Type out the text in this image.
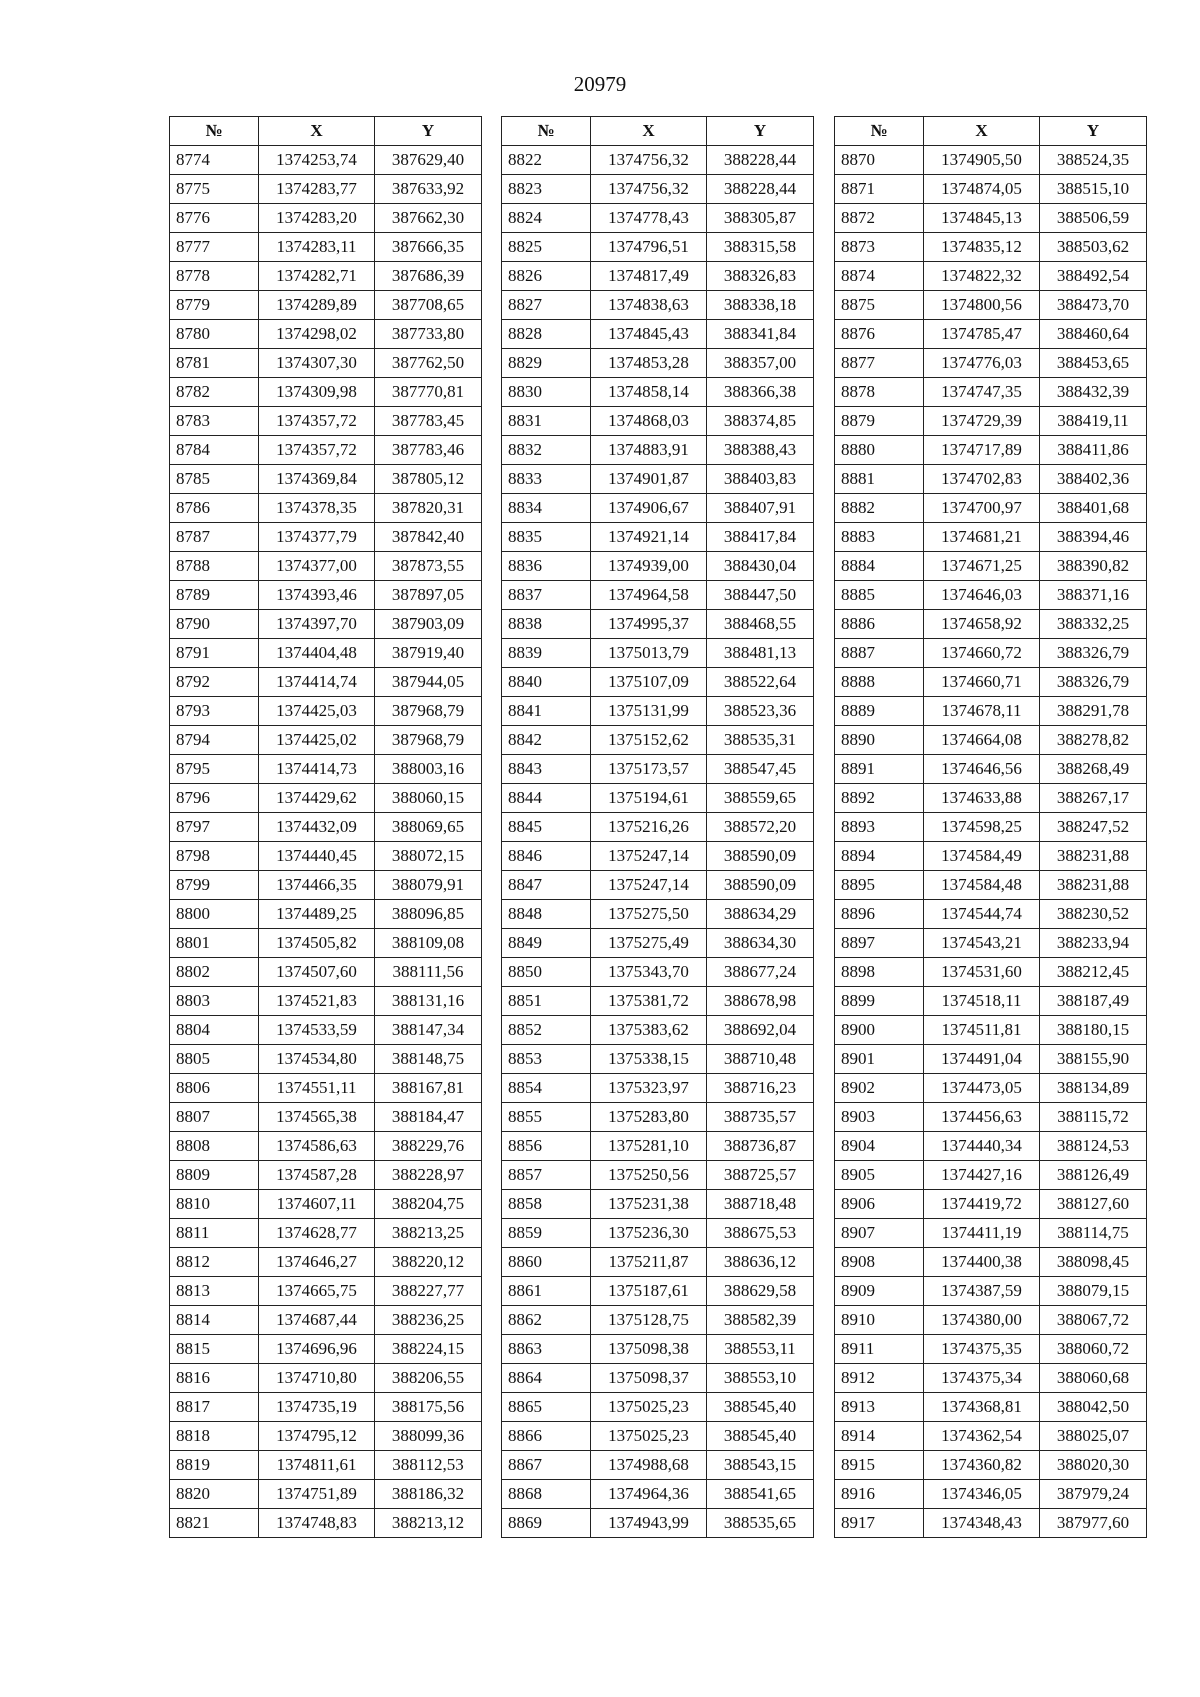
20979
№	X	Y
8774	1374253,74	387629,40
8775	1374283,77	387633,92
8776	1374283,20	387662,30
8777	1374283,11	387666,35
8778	1374282,71	387686,39
8779	1374289,89	387708,65
8780	1374298,02	387733,80
8781	1374307,30	387762,50
8782	1374309,98	387770,81
8783	1374357,72	387783,45
8784	1374357,72	387783,46
8785	1374369,84	387805,12
8786	1374378,35	387820,31
8787	1374377,79	387842,40
8788	1374377,00	387873,55
8789	1374393,46	387897,05
8790	1374397,70	387903,09
8791	1374404,48	387919,40
8792	1374414,74	387944,05
8793	1374425,03	387968,79
8794	1374425,02	387968,79
8795	1374414,73	388003,16
8796	1374429,62	388060,15
8797	1374432,09	388069,65
8798	1374440,45	388072,15
8799	1374466,35	388079,91
8800	1374489,25	388096,85
8801	1374505,82	388109,08
8802	1374507,60	388111,56
8803	1374521,83	388131,16
8804	1374533,59	388147,34
8805	1374534,80	388148,75
8806	1374551,11	388167,81
8807	1374565,38	388184,47
8808	1374586,63	388229,76
8809	1374587,28	388228,97
8810	1374607,11	388204,75
8811	1374628,77	388213,25
8812	1374646,27	388220,12
8813	1374665,75	388227,77
8814	1374687,44	388236,25
8815	1374696,96	388224,15
8816	1374710,80	388206,55
8817	1374735,19	388175,56
8818	1374795,12	388099,36
8819	1374811,61	388112,53
8820	1374751,89	388186,32
8821	1374748,83	388213,12
№	X	Y
8822	1374756,32	388228,44
8823	1374756,32	388228,44
8824	1374778,43	388305,87
8825	1374796,51	388315,58
8826	1374817,49	388326,83
8827	1374838,63	388338,18
8828	1374845,43	388341,84
8829	1374853,28	388357,00
8830	1374858,14	388366,38
8831	1374868,03	388374,85
8832	1374883,91	388388,43
8833	1374901,87	388403,83
8834	1374906,67	388407,91
8835	1374921,14	388417,84
8836	1374939,00	388430,04
8837	1374964,58	388447,50
8838	1374995,37	388468,55
8839	1375013,79	388481,13
8840	1375107,09	388522,64
8841	1375131,99	388523,36
8842	1375152,62	388535,31
8843	1375173,57	388547,45
8844	1375194,61	388559,65
8845	1375216,26	388572,20
8846	1375247,14	388590,09
8847	1375247,14	388590,09
8848	1375275,50	388634,29
8849	1375275,49	388634,30
8850	1375343,70	388677,24
8851	1375381,72	388678,98
8852	1375383,62	388692,04
8853	1375338,15	388710,48
8854	1375323,97	388716,23
8855	1375283,80	388735,57
8856	1375281,10	388736,87
8857	1375250,56	388725,57
8858	1375231,38	388718,48
8859	1375236,30	388675,53
8860	1375211,87	388636,12
8861	1375187,61	388629,58
8862	1375128,75	388582,39
8863	1375098,38	388553,11
8864	1375098,37	388553,10
8865	1375025,23	388545,40
8866	1375025,23	388545,40
8867	1374988,68	388543,15
8868	1374964,36	388541,65
8869	1374943,99	388535,65
№	X	Y
8870	1374905,50	388524,35
8871	1374874,05	388515,10
8872	1374845,13	388506,59
8873	1374835,12	388503,62
8874	1374822,32	388492,54
8875	1374800,56	388473,70
8876	1374785,47	388460,64
8877	1374776,03	388453,65
8878	1374747,35	388432,39
8879	1374729,39	388419,11
8880	1374717,89	388411,86
8881	1374702,83	388402,36
8882	1374700,97	388401,68
8883	1374681,21	388394,46
8884	1374671,25	388390,82
8885	1374646,03	388371,16
8886	1374658,92	388332,25
8887	1374660,72	388326,79
8888	1374660,71	388326,79
8889	1374678,11	388291,78
8890	1374664,08	388278,82
8891	1374646,56	388268,49
8892	1374633,88	388267,17
8893	1374598,25	388247,52
8894	1374584,49	388231,88
8895	1374584,48	388231,88
8896	1374544,74	388230,52
8897	1374543,21	388233,94
8898	1374531,60	388212,45
8899	1374518,11	388187,49
8900	1374511,81	388180,15
8901	1374491,04	388155,90
8902	1374473,05	388134,89
8903	1374456,63	388115,72
8904	1374440,34	388124,53
8905	1374427,16	388126,49
8906	1374419,72	388127,60
8907	1374411,19	388114,75
8908	1374400,38	388098,45
8909	1374387,59	388079,15
8910	1374380,00	388067,72
8911	1374375,35	388060,72
8912	1374375,34	388060,68
8913	1374368,81	388042,50
8914	1374362,54	388025,07
8915	1374360,82	388020,30
8916	1374346,05	387979,24
8917	1374348,43	387977,60
